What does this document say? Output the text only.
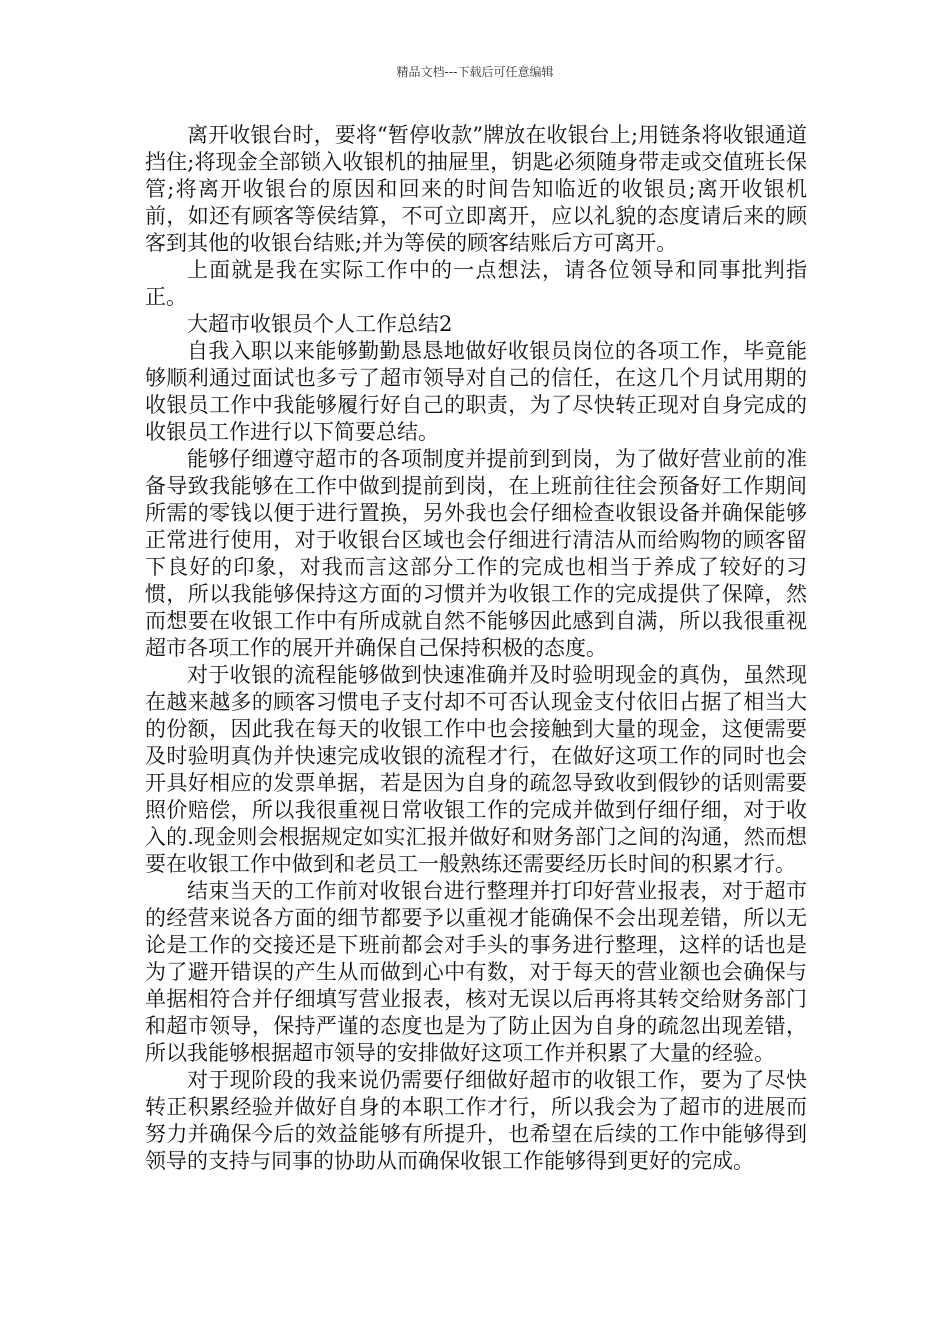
精品文档---下载后可任意编辑

离开收银台时，要将“暂停收款”牌放在收银台上;用链条将收银通道挡住;将现金全部锁入收银机的抽屉里，钥匙必须随身带走或交值班长保管;将离开收银台的原因和回来的时间告知临近的收银员;离开收银机前，如还有顾客等侯结算，不可立即离开，应以礼貌的态度请后来的顾客到其他的收银台结账;并为等侯的顾客结账后方可离开。

上面就是我在实际工作中的一点想法，请各位领导和同事批判指正。

大超市收银员个人工作总结2

自我入职以来能够勤勤恳恳地做好收银员岗位的各项工作，毕竟能够顺利通过面试也多亏了超市领导对自己的信任，在这几个月试用期的收银员工作中我能够履行好自己的职责，为了尽快转正现对自身完成的收银员工作进行以下简要总结。

能够仔细遵守超市的各项制度并提前到到岗，为了做好营业前的准备导致我能够在工作中做到提前到岗，在上班前往往会预备好工作期间所需的零钱以便于进行置换，另外我也会仔细检查收银设备并确保能够正常进行使用，对于收银台区域也会仔细进行清洁从而给购物的顾客留下良好的印象，对我而言这部分工作的完成也相当于养成了较好的习惯，所以我能够保持这方面的习惯并为收银工作的完成提供了保障，然而想要在收银工作中有所成就自然不能够因此感到自满，所以我很重视超市各项工作的展开并确保自己保持积极的态度。

对于收银的流程能够做到快速准确并及时验明现金的真伪，虽然现在越来越多的顾客习惯电子支付却不可否认现金支付依旧占据了相当大的份额，因此我在每天的收银工作中也会接触到大量的现金，这便需要及时验明真伪并快速完成收银的流程才行，在做好这项工作的同时也会开具好相应的发票单据，若是因为自身的疏忽导致收到假钞的话则需要照价赔偿，所以我很重视日常收银工作的完成并做到仔细仔细，对于收入的.现金则会根据规定如实汇报并做好和财务部门之间的沟通，然而想要在收银工作中做到和老员工一般熟练还需要经历长时间的积累才行。

结束当天的工作前对收银台进行整理并打印好营业报表，对于超市的经营来说各方面的细节都要予以重视才能确保不会出现差错，所以无论是工作的交接还是下班前都会对手头的事务进行整理，这样的话也是为了避开错误的产生从而做到心中有数，对于每天的营业额也会确保与单据相符合并仔细填写营业报表，核对无误以后再将其转交给财务部门和超市领导，保持严谨的态度也是为了防止因为自身的疏忽出现差错，所以我能够根据超市领导的安排做好这项工作并积累了大量的经验。

对于现阶段的我来说仍需要仔细做好超市的收银工作，要为了尽快转正积累经验并做好自身的本职工作才行，所以我会为了超市的进展而努力并确保今后的效益能够有所提升，也希望在后续的工作中能够得到领导的支持与同事的协助从而确保收银工作能够得到更好的完成。
